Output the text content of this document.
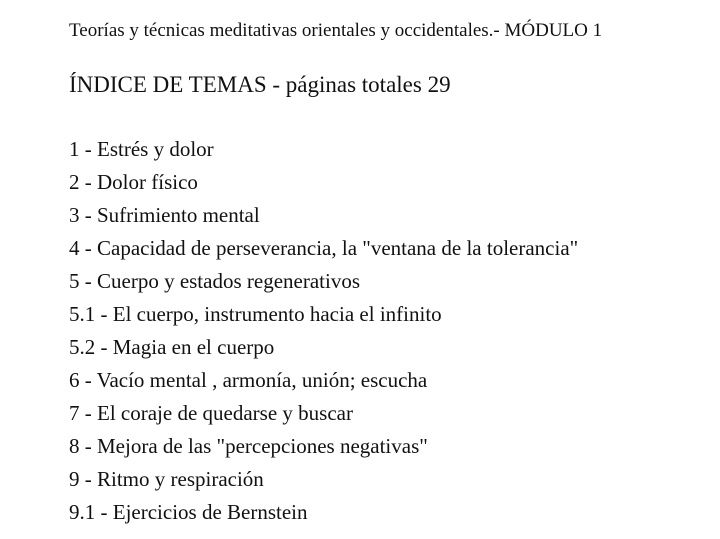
Teorías y técnicas meditativas orientales y occidentales.- MÓDULO 1
ÍNDICE DE TEMAS - páginas totales 29
1 - Estrés y dolor
2 - Dolor físico
3 - Sufrimiento mental
4 - Capacidad de perseverancia, la "ventana de la tolerancia"
5 - Cuerpo y estados regenerativos
5.1 - El cuerpo, instrumento hacia el infinito
5.2 - Magia en el cuerpo
6 - Vacío mental , armonía, unión; escucha
7 - El coraje de quedarse y buscar
8 - Mejora de las "percepciones negativas"
9 - Ritmo y respiración
9.1 - Ejercicios de Bernstein
